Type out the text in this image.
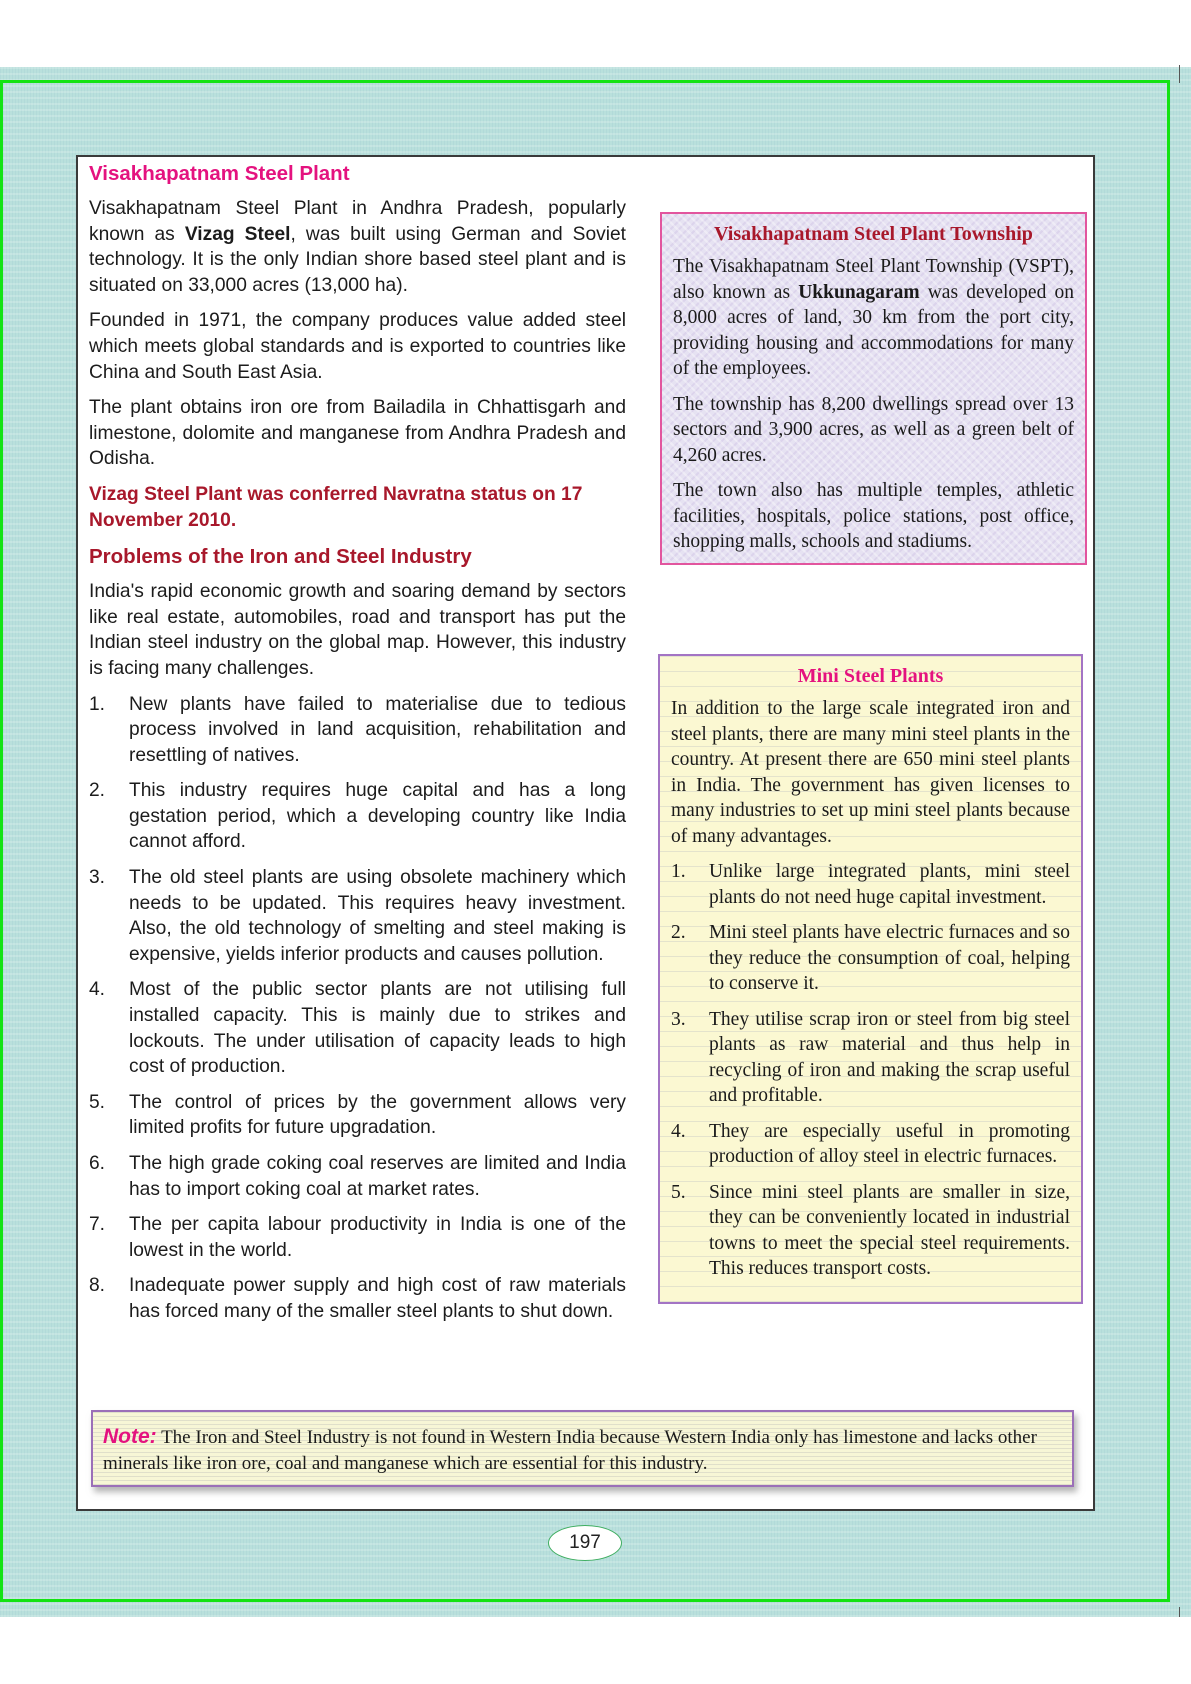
Visakhapatnam Steel Plant

Visakhapatnam Steel Plant in Andhra Pradesh, popularly known as Vizag Steel, was built using German and Soviet technology. It is the only Indian shore based steel plant and is situated on 33,000 acres (13,000 ha).

Founded in 1971, the company produces value added steel which meets global standards and is exported to countries like China and South East Asia.

The plant obtains iron ore from Bailadila in Chhattisgarh and limestone, dolomite and manganese from Andhra Pradesh and Odisha.

Vizag Steel Plant was conferred Navratna status on 17 November 2010.

Problems of the Iron and Steel Industry

India's rapid economic growth and soaring demand by sectors like real estate, automobiles, road and transport has put the Indian steel industry on the global map. However, this industry is facing many challenges.

1.	New plants have failed to materialise due to tedious process involved in land acquisition, rehabilitation and resettling of natives.
2.	This industry requires huge capital and has a long gestation period, which a developing country like India cannot afford.
3.	The old steel plants are using obsolete machinery which needs to be updated. This requires heavy investment. Also, the old technology of smelting and steel making is expensive, yields inferior products and causes pollution.
4.	Most of the public sector plants are not utilising full installed capacity. This is mainly due to strikes and lockouts. The under utilisation of capacity leads to high cost of production.
5.	The control of prices by the government allows very limited profits for future upgradation.
6.	The high grade coking coal reserves are limited and India has to import coking coal at market rates.
7.	The per capita labour productivity in India is one of the lowest in the world.
8.	Inadequate power supply and high cost of raw materials has forced many of the smaller steel plants to shut down.
Visakhapatnam Steel Plant Township

The Visakhapatnam Steel Plant Township (VSPT), also known as Ukkunagaram was developed on 8,000 acres of land, 30 km from the port city, providing housing and accommodations for many of the employees.

The township has 8,200 dwellings spread over 13 sectors and 3,900 acres, as well as a green belt of 4,260 acres.

The town also has multiple temples, athletic facilities, hospitals, police stations, post office, shopping malls, schools and stadiums.

Mini Steel Plants

In addition to the large scale integrated iron and steel plants, there are many mini steel plants in the country. At present there are 650 mini steel plants in India. The government has given licenses to many industries to set up mini steel plants because of many advantages.

1.	Unlike large integrated plants, mini steel plants do not need huge capital investment.
2.	Mini steel plants have electric furnaces and so they reduce the consumption of coal, helping to conserve it.
3.	They utilise scrap iron or steel from big steel plants as raw material and thus help in recycling of iron and making the scrap useful and profitable.
4.	They are especially useful in promoting production of alloy steel in electric furnaces.
5.	Since mini steel plants are smaller in size, they can be conveniently located in industrial towns to meet the special steel requirements. This reduces transport costs.
Note: The Iron and Steel Industry is not found in Western India because Western India only has limestone and lacks other minerals like iron ore, coal and manganese which are essential for this industry.
197
